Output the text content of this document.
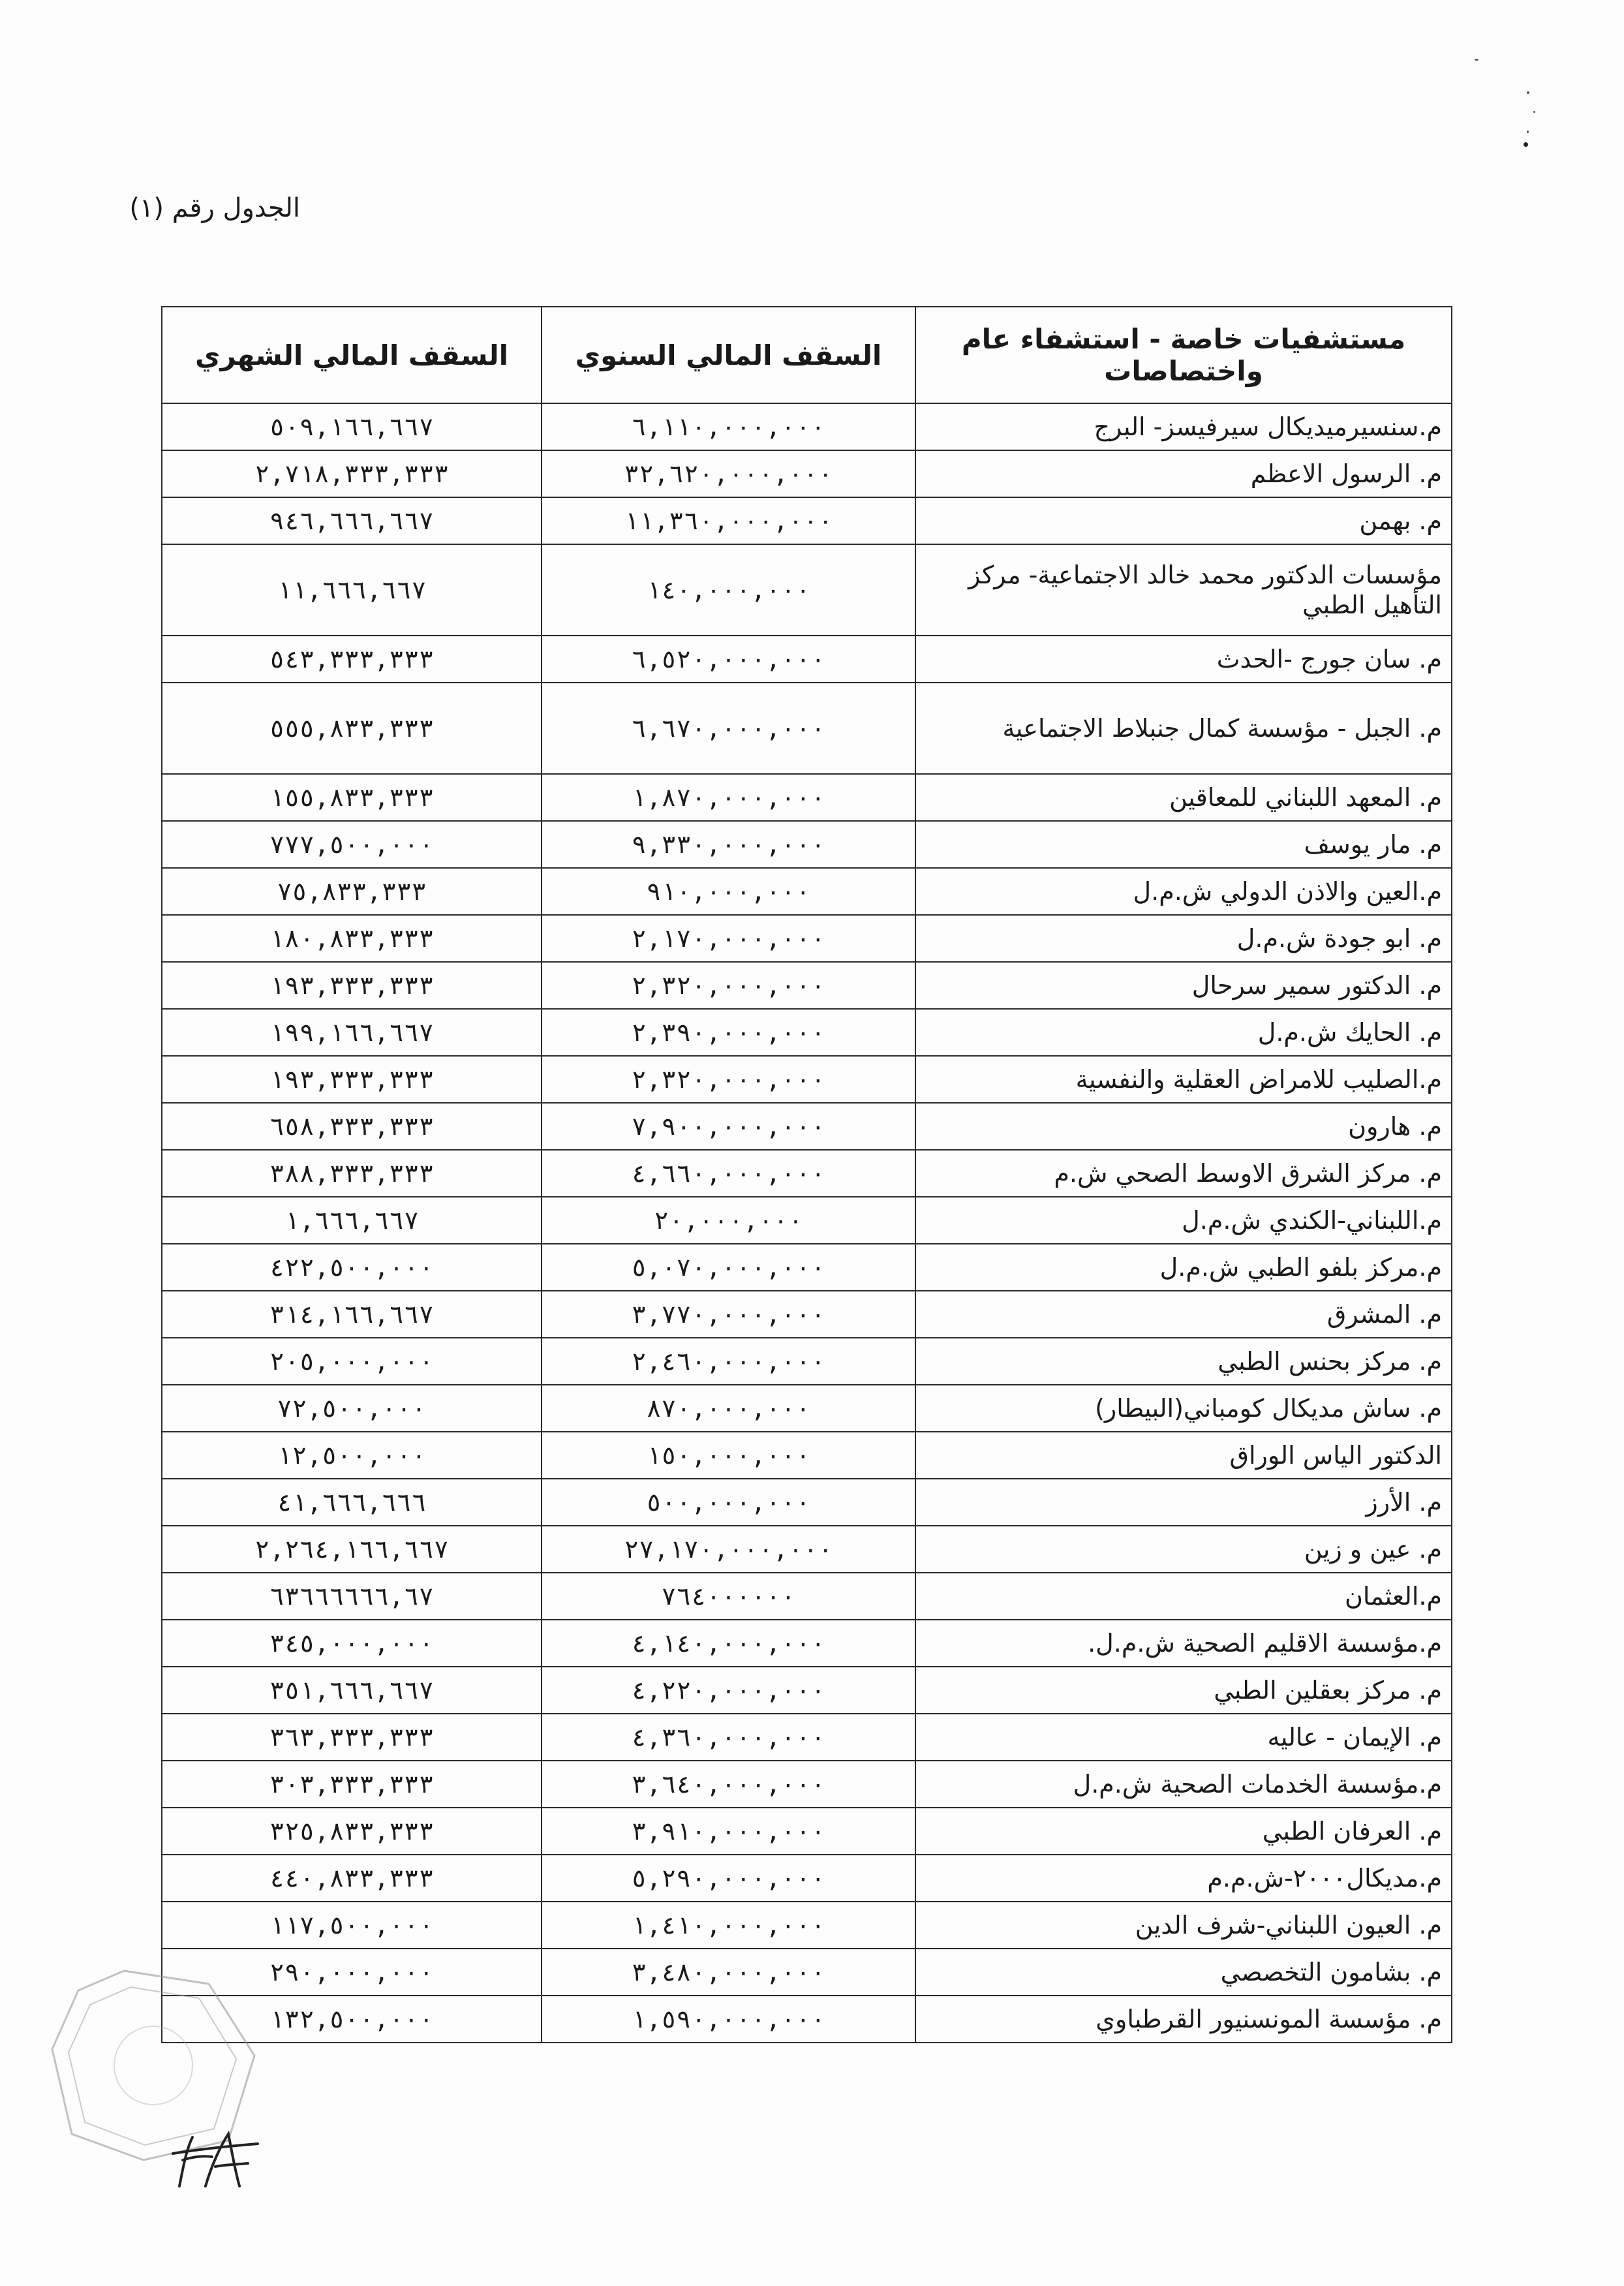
الجدول رقم (١)
مستشفيات خاصة - استشفاء عام واختصاصات	السقف المالي السنوي	السقف المالي الشهري
م.سنسيرميديكال سيرفيسز- البرج	٦,١١٠,٠٠٠,٠٠٠	٥٠٩,١٦٦,٦٦٧
م. الرسول الاعظم	٣٢,٦٢٠,٠٠٠,٠٠٠	٢,٧١٨,٣٣٣,٣٣٣
م. بهمن	١١,٣٦٠,٠٠٠,٠٠٠	٩٤٦,٦٦٦,٦٦٧
مؤسسات الدكتور محمد خالد الاجتماعية- مركز التأهيل الطبي	١٤٠,٠٠٠,٠٠٠	١١,٦٦٦,٦٦٧
م. سان جورج -الحدث	٦,٥٢٠,٠٠٠,٠٠٠	٥٤٣,٣٣٣,٣٣٣
م. الجبل - مؤسسة كمال جنبلاط الاجتماعية	٦,٦٧٠,٠٠٠,٠٠٠	٥٥٥,٨٣٣,٣٣٣
م. المعهد اللبناني للمعاقين	١,٨٧٠,٠٠٠,٠٠٠	١٥٥,٨٣٣,٣٣٣
م. مار يوسف	٩,٣٣٠,٠٠٠,٠٠٠	٧٧٧,٥٠٠,٠٠٠
م.العين والاذن الدولي ش.م.ل	٩١٠,٠٠٠,٠٠٠	٧٥,٨٣٣,٣٣٣
م. ابو جودة ش.م.ل	٢,١٧٠,٠٠٠,٠٠٠	١٨٠,٨٣٣,٣٣٣
م. الدكتور سمير سرحال	٢,٣٢٠,٠٠٠,٠٠٠	١٩٣,٣٣٣,٣٣٣
م. الحايك ش.م.ل	٢,٣٩٠,٠٠٠,٠٠٠	١٩٩,١٦٦,٦٦٧
م.الصليب للامراض العقلية والنفسية	٢,٣٢٠,٠٠٠,٠٠٠	١٩٣,٣٣٣,٣٣٣
م. هارون	٧,٩٠٠,٠٠٠,٠٠٠	٦٥٨,٣٣٣,٣٣٣
م. مركز الشرق الاوسط الصحي ش.م	٤,٦٦٠,٠٠٠,٠٠٠	٣٨٨,٣٣٣,٣٣٣
م.اللبناني-الكندي ش.م.ل	٢٠,٠٠٠,٠٠٠	١,٦٦٦,٦٦٧
م.مركز بلفو الطبي ش.م.ل	٥,٠٧٠,٠٠٠,٠٠٠	٤٢٢,٥٠٠,٠٠٠
م. المشرق	٣,٧٧٠,٠٠٠,٠٠٠	٣١٤,١٦٦,٦٦٧
م. مركز بحنس الطبي	٢,٤٦٠,٠٠٠,٠٠٠	٢٠٥,٠٠٠,٠٠٠
م. ساش مديكال كومباني(البيطار)	٨٧٠,٠٠٠,٠٠٠	٧٢,٥٠٠,٠٠٠
الدكتور الياس الوراق	١٥٠,٠٠٠,٠٠٠	١٢,٥٠٠,٠٠٠
م. الأرز	٥٠٠,٠٠٠,٠٠٠	٤١,٦٦٦,٦٦٦
م. عين و زين	٢٧,١٧٠,٠٠٠,٠٠٠	٢,٢٦٤,١٦٦,٦٦٧
م.العثمان	٧٦٤٠٠٠٠٠٠	٦٣٦٦٦٦٦٦,٦٧
م.مؤسسة الاقليم الصحية ش.م.ل.	٤,١٤٠,٠٠٠,٠٠٠	٣٤٥,٠٠٠,٠٠٠
م. مركز بعقلين الطبي	٤,٢٢٠,٠٠٠,٠٠٠	٣٥١,٦٦٦,٦٦٧
م. الإيمان - عاليه	٤,٣٦٠,٠٠٠,٠٠٠	٣٦٣,٣٣٣,٣٣٣
م.مؤسسة الخدمات الصحية ش.م.ل	٣,٦٤٠,٠٠٠,٠٠٠	٣٠٣,٣٣٣,٣٣٣
م. العرفان الطبي	٣,٩١٠,٠٠٠,٠٠٠	٣٢٥,٨٣٣,٣٣٣
م.مديكال٢٠٠٠-ش.م.م	٥,٢٩٠,٠٠٠,٠٠٠	٤٤٠,٨٣٣,٣٣٣
م. العيون اللبناني-شرف الدين	١,٤١٠,٠٠٠,٠٠٠	١١٧,٥٠٠,٠٠٠
م. بشامون التخصصي	٣,٤٨٠,٠٠٠,٠٠٠	٢٩٠,٠٠٠,٠٠٠
م. مؤسسة المونسنيور القرطباوي	١,٥٩٠,٠٠٠,٠٠٠	١٣٢,٥٠٠,٠٠٠
